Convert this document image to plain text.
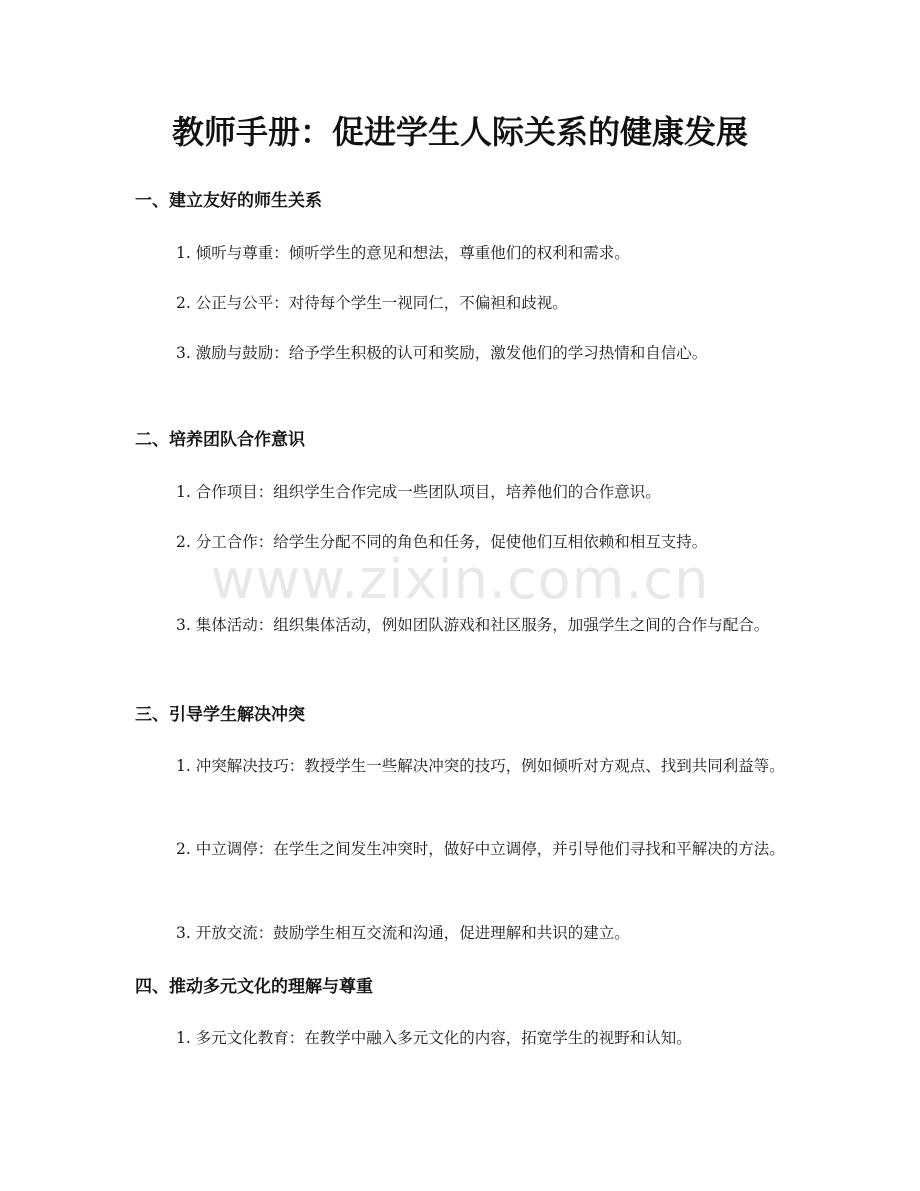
教师手册：促进学生人际关系的健康发展
一、建立友好的师生关系

1. 倾听与尊重：倾听学生的意见和想法，尊重他们的权利和需求。

2. 公正与公平：对待每个学生一视同仁，不偏袒和歧视。

3. 激励与鼓励：给予学生积极的认可和奖励，激发他们的学习热情和自信心。

二、培养团队合作意识

1. 合作项目：组织学生合作完成一些团队项目，培养他们的合作意识。

2. 分工合作：给学生分配不同的角色和任务，促使他们互相依赖和相互支持。

3. 集体活动：组织集体活动，例如团队游戏和社区服务，加强学生之间的合作与配合。

三、引导学生解决冲突

1. 冲突解决技巧：教授学生一些解决冲突的技巧，例如倾听对方观点、找到共同利益等。

2. 中立调停：在学生之间发生冲突时，做好中立调停，并引导他们寻找和平解决的方法。

3. 开放交流：鼓励学生相互交流和沟通，促进理解和共识的建立。

四、推动多元文化的理解与尊重

1. 多元文化教育：在教学中融入多元文化的内容，拓宽学生的视野和认知。

www.zixin.com.cn
